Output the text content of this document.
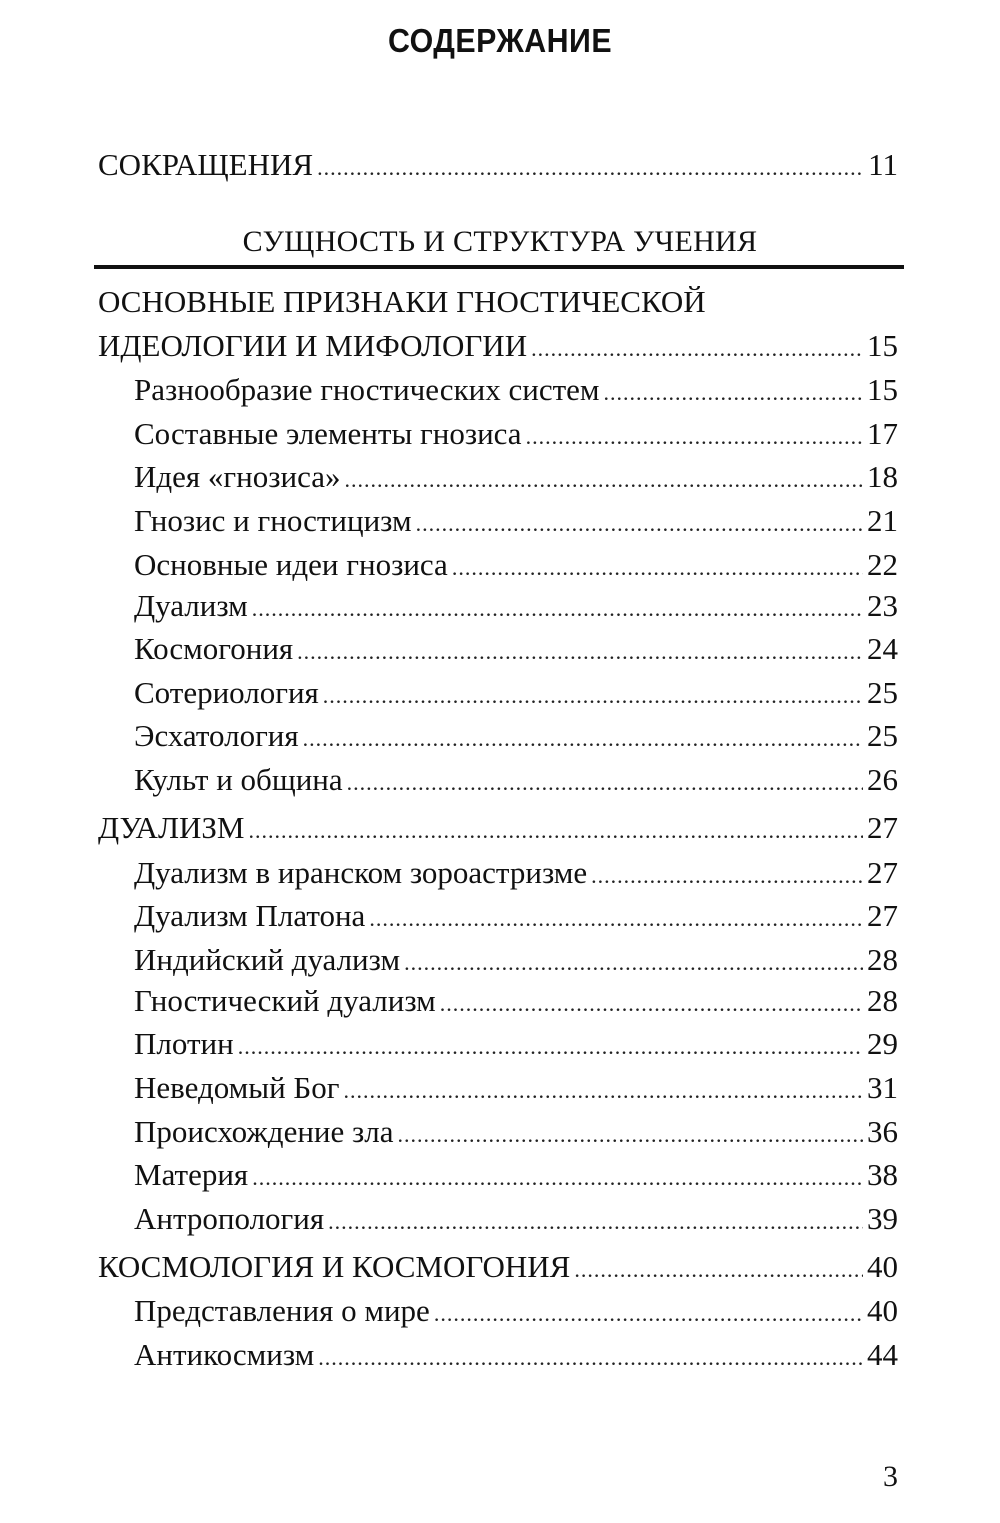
СОДЕРЖАНИЕ
СОКРАЩЕНИЯ .....	11
СУЩНОСТЬ И СТРУКТУРА УЧЕНИЯ
ОСНОВНЫЕ ПРИЗНАКИ ГНОСТИЧЕСКОЙ
ИДЕОЛОГИИ И МИФОЛОГИИ .....	15
Разнообразие гностических систем .....	15
Составные элементы гнозиса .....	17
Идея «гнозиса» .....	18
Гнозис и гностицизм .....	21
Основные идеи гнозиса .....	22
Дуализм .....	23
Космогония .....	24
Сотериология .....	25
Эсхатология .....	25
Культ и община .....	26
ДУАЛИЗМ .....	27
Дуализм в иранском зороастризме .....	27
Дуализм Платона .....	27
Индийский дуализм .....	28
Гностический дуализм .....	28
Плотин .....	29
Неведомый Бог .....	31
Происхождение зла .....	36
Материя .....	38
Антропология .....	39
КОСМОЛОГИЯ И КОСМОГОНИЯ .....	40
Представления о мире .....	40
Антикосмизм .....	44
3
